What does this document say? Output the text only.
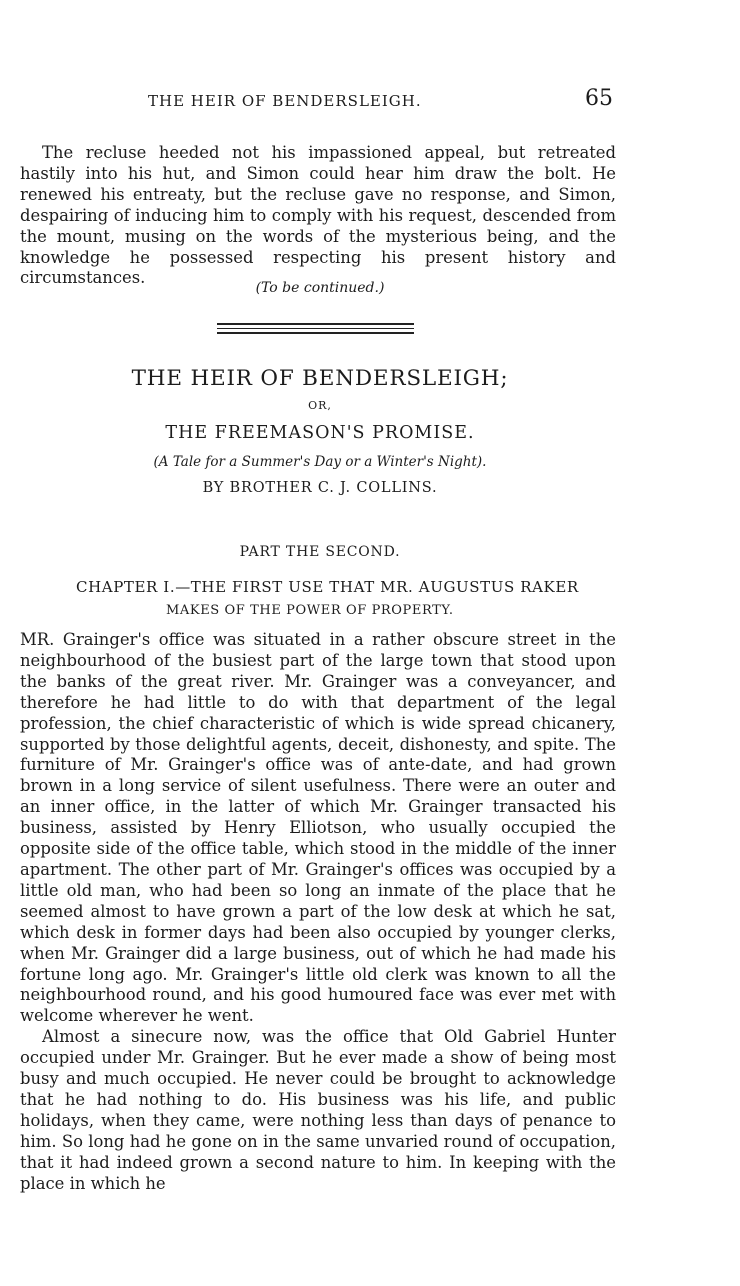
THE HEIR OF BENDERSLEIGH.	65

The recluse heeded not his impassioned appeal, but retreated hastily into his hut, and Simon could hear him draw the bolt. He renewed his entreaty, but the recluse gave no response, and Simon, despairing of inducing him to comply with his request, descended from the mount, musing on the words of the mysterious being, and the knowledge he possessed respecting his present history and circumstances.

(To be continued.)
THE HEIR OF BENDERSLEIGH;
OR,
THE FREEMASON'S PROMISE.
(A Tale for a Summer's Day or a Winter's Night).
BY BROTHER C. J. COLLINS.
PART THE SECOND.
CHAPTER I.—THE FIRST USE THAT MR. AUGUSTUS RAKER
MAKES OF THE POWER OF PROPERTY.

MR. Grainger's office was situated in a rather obscure street in the neighbourhood of the busiest part of the large town that stood upon the banks of the great river. Mr. Grainger was a conveyancer, and therefore he had little to do with that department of the legal profession, the chief characteristic of which is wide spread chicanery, supported by those delightful agents, deceit, dishonesty, and spite. The furniture of Mr. Grainger's office was of ante-date, and had grown brown in a long service of silent usefulness. There were an outer and an inner office, in the latter of which Mr. Grainger transacted his business, assisted by Henry Elliotson, who usually occupied the opposite side of the office table, which stood in the middle of the inner apartment. The other part of Mr. Grainger's offices was occupied by a little old man, who had been so long an inmate of the place that he seemed almost to have grown a part of the low desk at which he sat, which desk in former days had been also occupied by younger clerks, when Mr. Grainger did a large business, out of which he had made his fortune long ago. Mr. Grainger's little old clerk was known to all the neighbourhood round, and his good humoured face was ever met with welcome wherever he went.

Almost a sinecure now, was the office that Old Gabriel Hunter occupied under Mr. Grainger. But he ever made a show of being most busy and much occupied. He never could be brought to acknowledge that he had nothing to do. His business was his life, and public holidays, when they came, were nothing less than days of penance to him. So long had he gone on in the same unvaried round of occupation, that it had indeed grown a second nature to him. In keeping with the place in which he
